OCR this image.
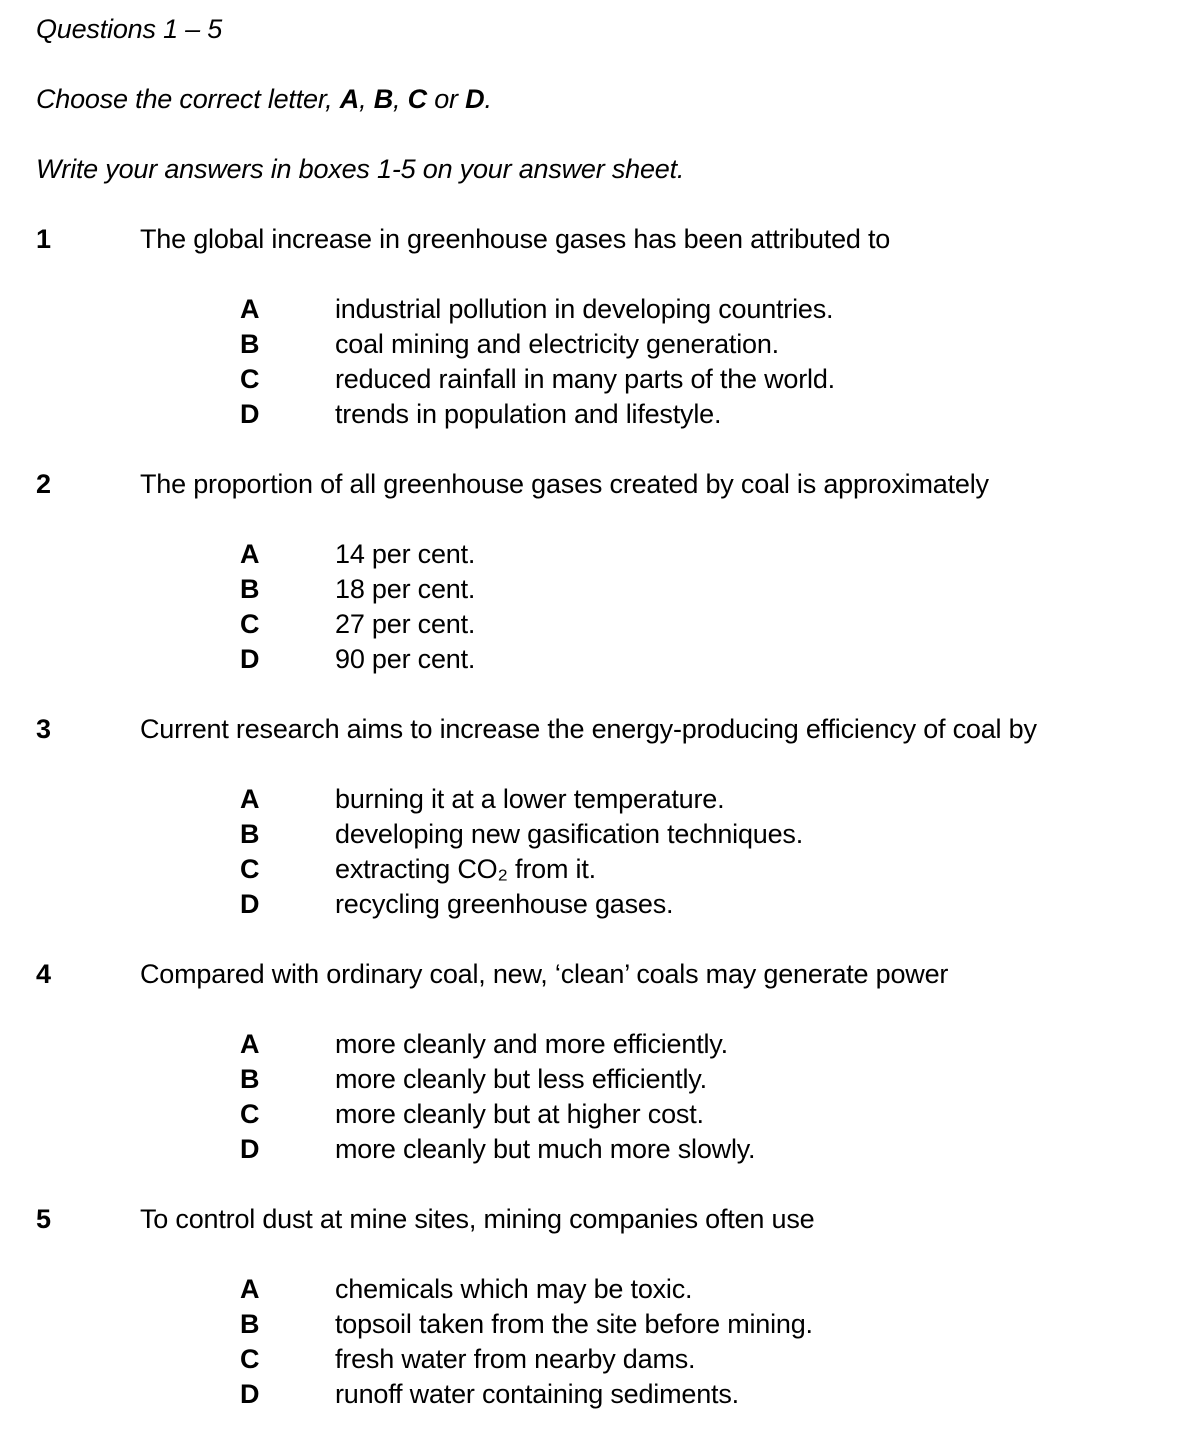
Questions 1 – 5

Choose the correct letter, A, B, C or D.

Write your answers in boxes 1-5 on your answer sheet.

1	The global increase in greenhouse gases has been attributed to
A	industrial pollution in developing countries.
B	coal mining and electricity generation.
C	reduced rainfall in many parts of the world.
D	trends in population and lifestyle.
2	The proportion of all greenhouse gases created by coal is approximately
A	14 per cent.
B	18 per cent.
C	27 per cent.
D	90 per cent.
3	Current research aims to increase the energy-producing efficiency of coal by
A	burning it at a lower temperature.
B	developing new gasification techniques.
C	extracting CO₂ from it.
D	recycling greenhouse gases.
4	Compared with ordinary coal, new, ‘clean’ coals may generate power
A	more cleanly and more efficiently.
B	more cleanly but less efficiently.
C	more cleanly but at higher cost.
D	more cleanly but much more slowly.
5	To control dust at mine sites, mining companies often use
A	chemicals which may be toxic.
B	topsoil taken from the site before mining.
C	fresh water from nearby dams.
D	runoff water containing sediments.
